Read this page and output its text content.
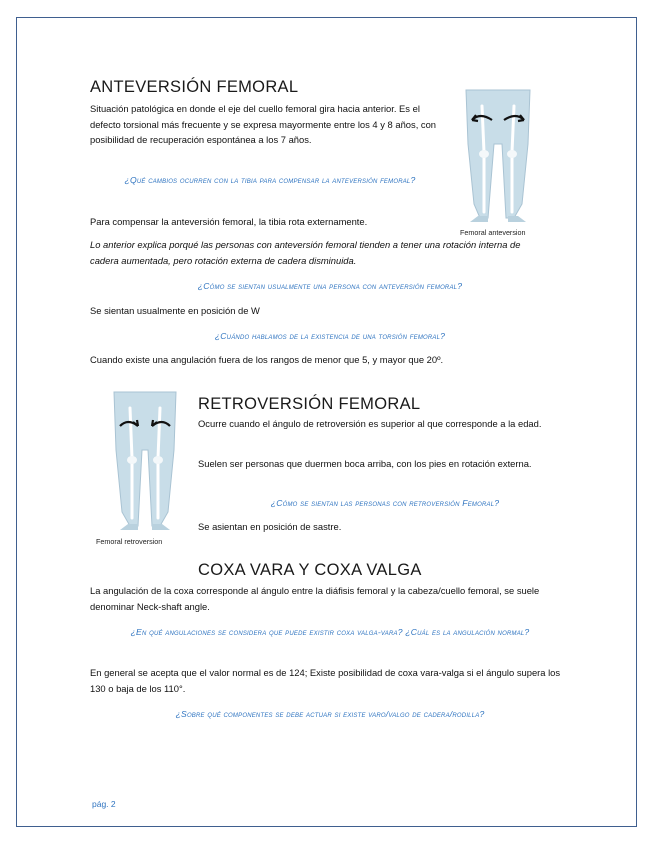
ANTEVERSIÓN FEMORAL

Situación patológica en donde el eje del cuello femoral gira hacia anterior. Es el defecto torsional más frecuente y se expresa mayormente entre los 4 y 8 años, con posibilidad de recuperación espontánea a los 7 años.

¿Qué cambios ocurren con la tibia para compensar la anteversión femoral?

Para compensar la anteversión femoral, la tibia rota externamente.

Lo anterior explica porqué las personas con anteversión femoral tienden a tener una rotación interna de cadera aumentada, pero rotación externa de cadera disminuida.

¿Cómo se sientan usualmente una persona con anteversión femoral?

Se sientan usualmente en posición de W

¿Cuándo hablamos de la existencia de una torsión femoral?

Cuando existe una angulación fuera de los rangos de menor que 5, y mayor que 20º.

Femoral anteversion
Femoral retroversion
RETROVERSIÓN FEMORAL

Ocurre cuando el ángulo de retroversión es superior al que corresponde a la edad.

Suelen ser personas que duermen boca arriba, con los pies en rotación externa.

¿Cómo se sientan las personas con retroversión Femoral?

Se asientan en posición de sastre.

COXA VARA Y COXA VALGA

La angulación de la coxa corresponde al ángulo entre la diáfisis femoral y la cabeza/cuello femoral, se suele denominar Neck-shaft angle.

¿En qué angulaciones se considera que puede existir coxa valga-vara? ¿Cuál es la angulación normal?

En general se acepta que el valor normal es de 124; Existe posibilidad de coxa vara-valga si el ángulo supera los 130 o baja de los 110°.

¿Sobre qué componentes se debe actuar si existe varo/valgo de cadera/rodilla?

pág. 2
